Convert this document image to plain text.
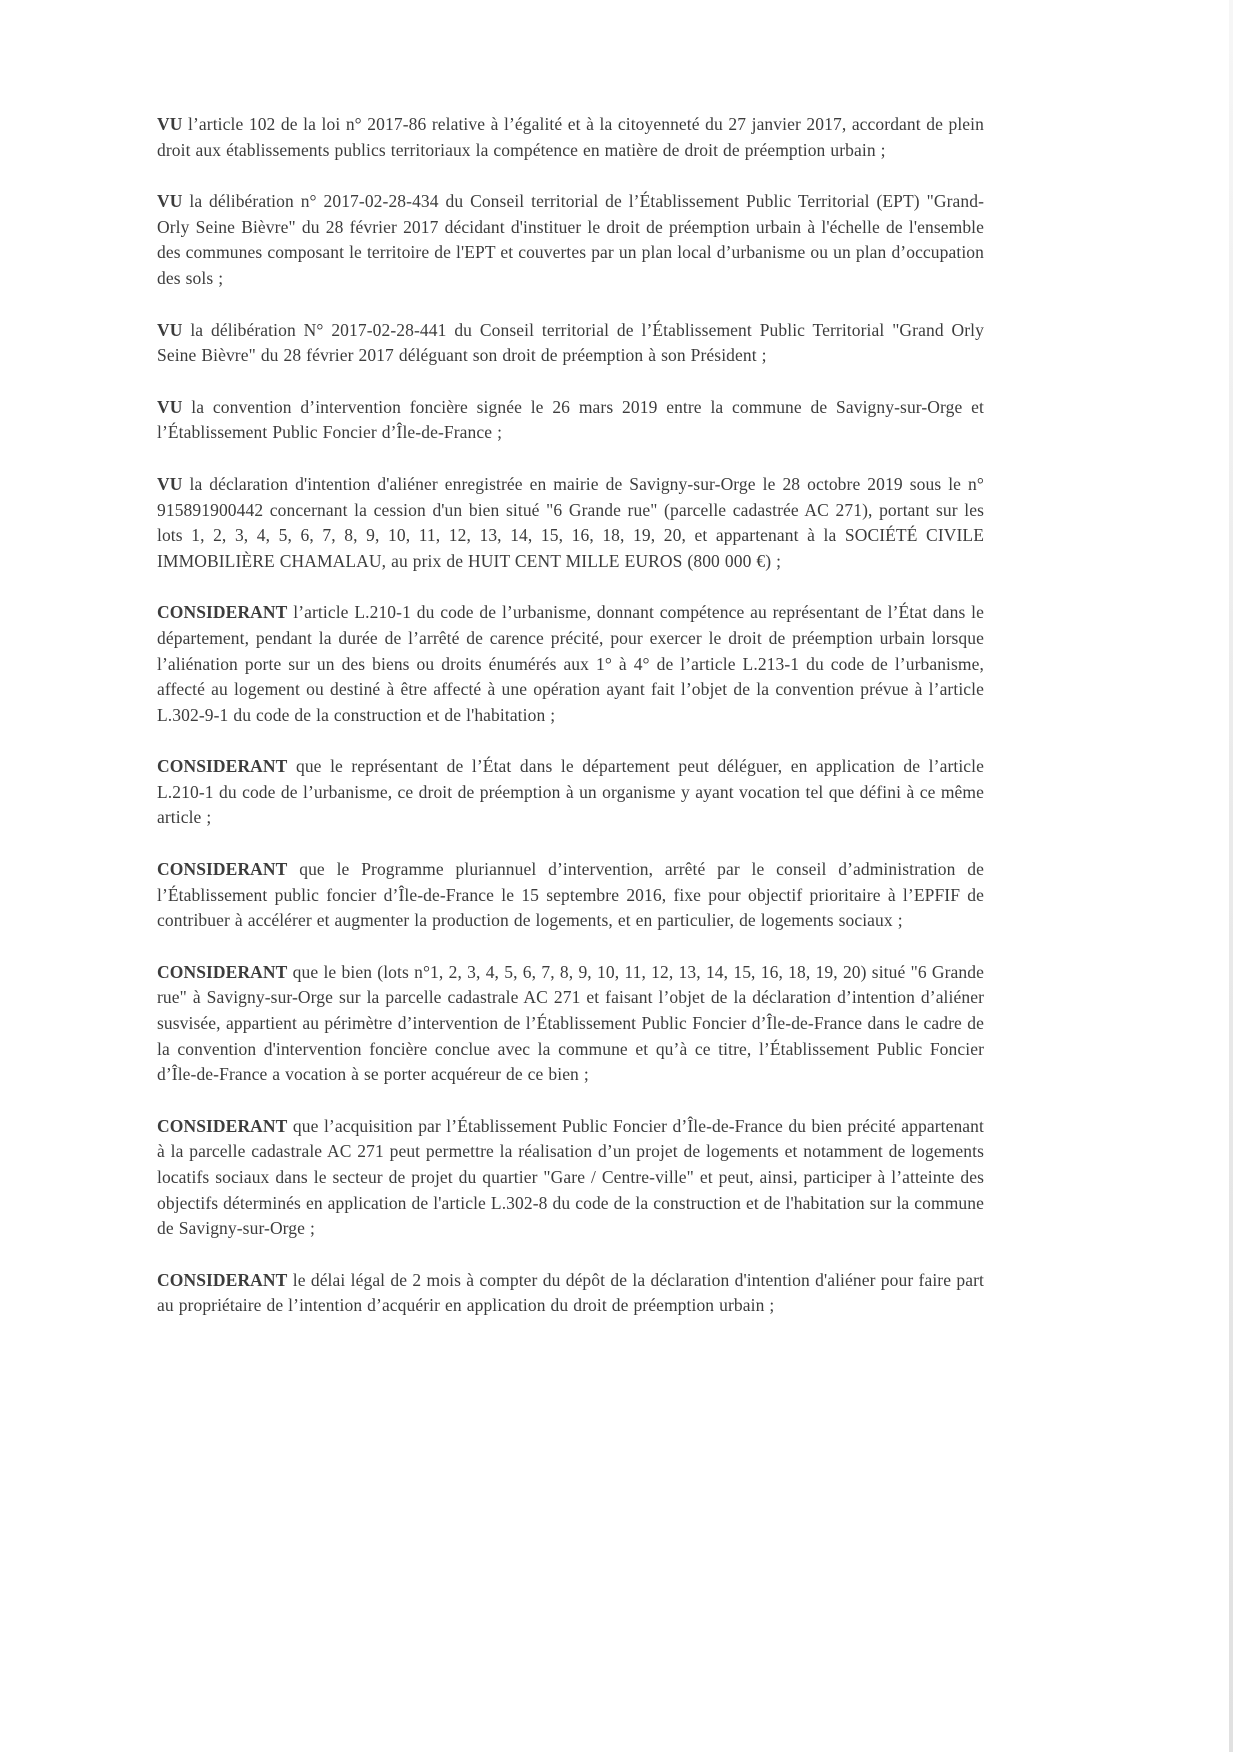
VU l’article 102 de la loi n° 2017-86 relative à l’égalité et à la citoyenneté du 27 janvier 2017, accordant de plein droit aux établissements publics territoriaux la compétence en matière de droit de préemption urbain ;

VU la délibération n° 2017-02-28-434 du Conseil territorial de l’Établissement Public Territorial (EPT) "Grand-Orly Seine Bièvre" du 28 février 2017 décidant d'instituer le droit de préemption urbain à l'échelle de l'ensemble des communes composant le territoire de l'EPT et couvertes par un plan local d’urbanisme ou un plan d’occupation des sols ;

VU la délibération N° 2017-02-28-441 du Conseil territorial de l’Établissement Public Territorial "Grand Orly Seine Bièvre" du 28 février 2017 déléguant son droit de préemption à son Président ;

VU la convention d’intervention foncière signée le 26 mars 2019 entre la commune de Savigny-sur-Orge et l’Établissement Public Foncier d’Île-de-France ;

VU la déclaration d'intention d'aliéner enregistrée en mairie de Savigny-sur-Orge le 28 octobre 2019 sous le n° 915891900442 concernant la cession d'un bien situé "6 Grande rue" (parcelle cadastrée AC 271), portant sur les lots 1, 2, 3, 4, 5, 6, 7, 8, 9, 10, 11, 12, 13, 14, 15, 16, 18, 19, 20, et appartenant à la SOCIÉTÉ CIVILE IMMOBILIÈRE CHAMALAU, au prix de HUIT CENT MILLE EUROS (800 000 €) ;

CONSIDERANT l’article L.210-1 du code de l’urbanisme, donnant compétence au représentant de l’État dans le département, pendant la durée de l’arrêté de carence précité, pour exercer le droit de préemption urbain lorsque l’aliénation porte sur un des biens ou droits énumérés aux 1° à 4° de l’article L.213-1 du code de l’urbanisme, affecté au logement ou destiné à être affecté à une opération ayant fait l’objet de la convention prévue à l’article L.302-9-1 du code de la construction et de l'habitation ;

CONSIDERANT que le représentant de l’État dans le département peut déléguer, en application de l’article L.210-1 du code de l’urbanisme, ce droit de préemption à un organisme y ayant vocation tel que défini à ce même article ;

CONSIDERANT que le Programme pluriannuel d’intervention, arrêté par le conseil d’administration de l’Établissement public foncier d’Île-de-France le 15 septembre 2016, fixe pour objectif prioritaire à l’EPFIF de contribuer à accélérer et augmenter la production de logements, et en particulier, de logements sociaux ;

CONSIDERANT que le bien (lots n°1, 2, 3, 4, 5, 6, 7, 8, 9, 10, 11, 12, 13, 14, 15, 16, 18, 19, 20) situé "6 Grande rue" à Savigny-sur-Orge sur la parcelle cadastrale AC 271 et faisant l’objet de la déclaration d’intention d’aliéner susvisée, appartient au périmètre d’intervention de l’Établissement Public Foncier d’Île-de-France dans le cadre de la convention d'intervention foncière conclue avec la commune et qu’à ce titre, l’Établissement Public Foncier d’Île-de-France a vocation à se porter acquéreur de ce bien ;

CONSIDERANT que l’acquisition par l’Établissement Public Foncier d’Île-de-France du bien précité appartenant à la parcelle cadastrale AC 271 peut permettre la réalisation d’un projet de logements et notamment de logements locatifs sociaux dans le secteur de projet du quartier "Gare / Centre-ville" et peut, ainsi, participer à l’atteinte des objectifs déterminés en application de l'article L.302-8 du code de la construction et de l'habitation sur la commune de Savigny-sur-Orge ;

CONSIDERANT le délai légal de 2 mois à compter du dépôt de la déclaration d'intention d'aliéner pour faire part au propriétaire de l’intention d’acquérir en application du droit de préemption urbain ;
